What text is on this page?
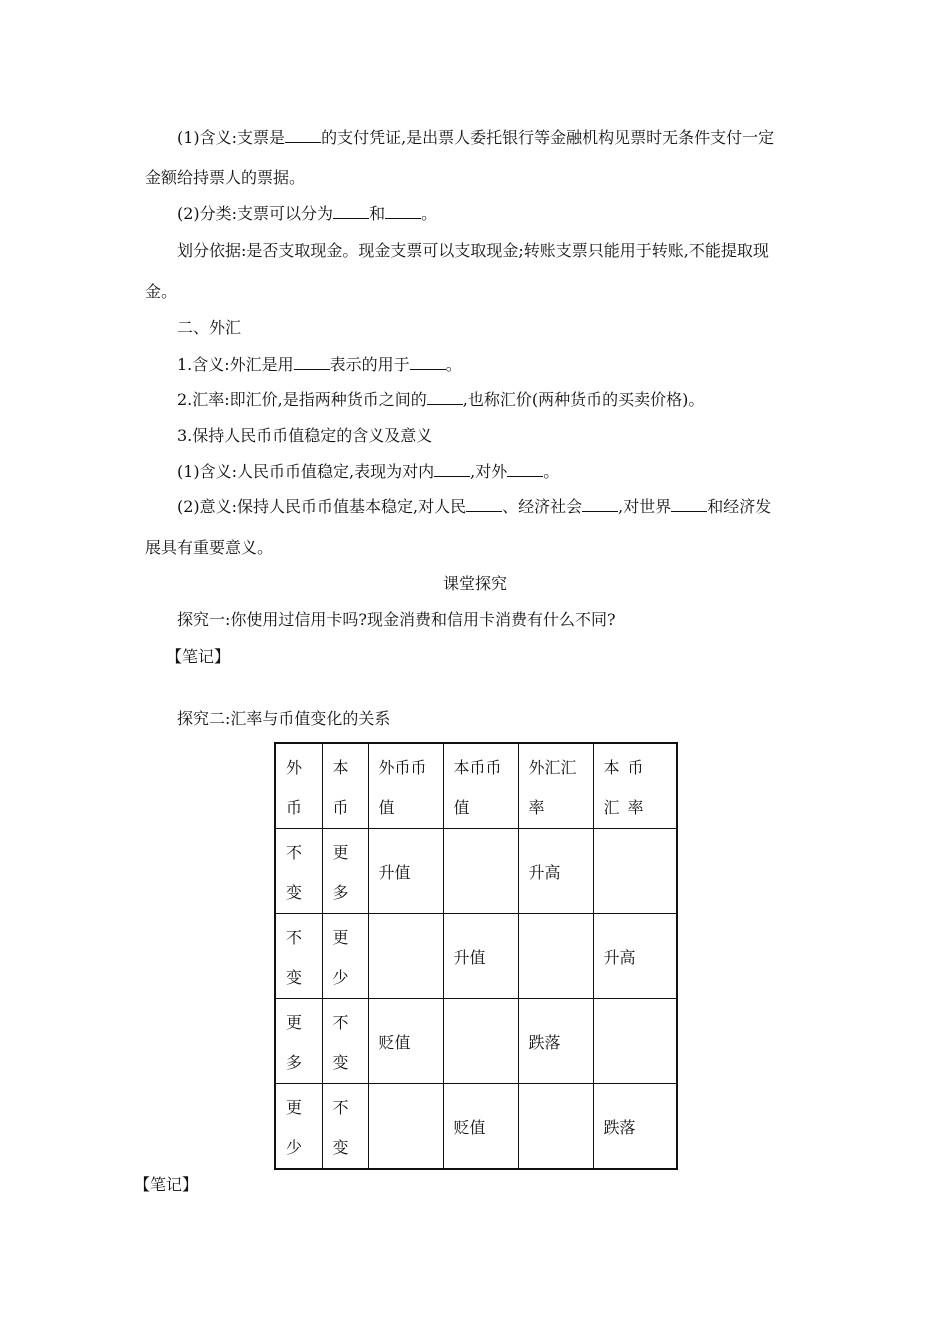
(1)含义:支票是 的支付凭证,是出票人委托银行等金融机构见票时无条件支付一定
金额给持票人的票据。
(2)分类:支票可以分为 和 。
划分依据:是否支取现金。现金支票可以支取现金;转账支票只能用于转账,不能提取现
金。
二、外汇
1.含义:外汇是用 表示的用于 。
2.汇率:即汇价,是指两种货币之间的 ,也称汇价(两种货币的买卖价格)。
3.保持人民币币值稳定的含义及意义
(1)含义:人民币币值稳定,表现为对内 ,对外 。
(2)意义:保持人民币币值基本稳定,对人民 、经济社会 ,对世界 和经济发
展具有重要意义。
课堂探究
探究一:你使用过信用卡吗?现金消费和信用卡消费有什么不同?
【笔记】
探究二:汇率与币值变化的关系
外币	本币	外币币值	本币币值	外汇汇率	本币汇率

不变	更多	升值		升高	

不变	更少		升值		升高

更多	不变	贬值		跌落	

更少	不变		贬值		跌落
【笔记】
